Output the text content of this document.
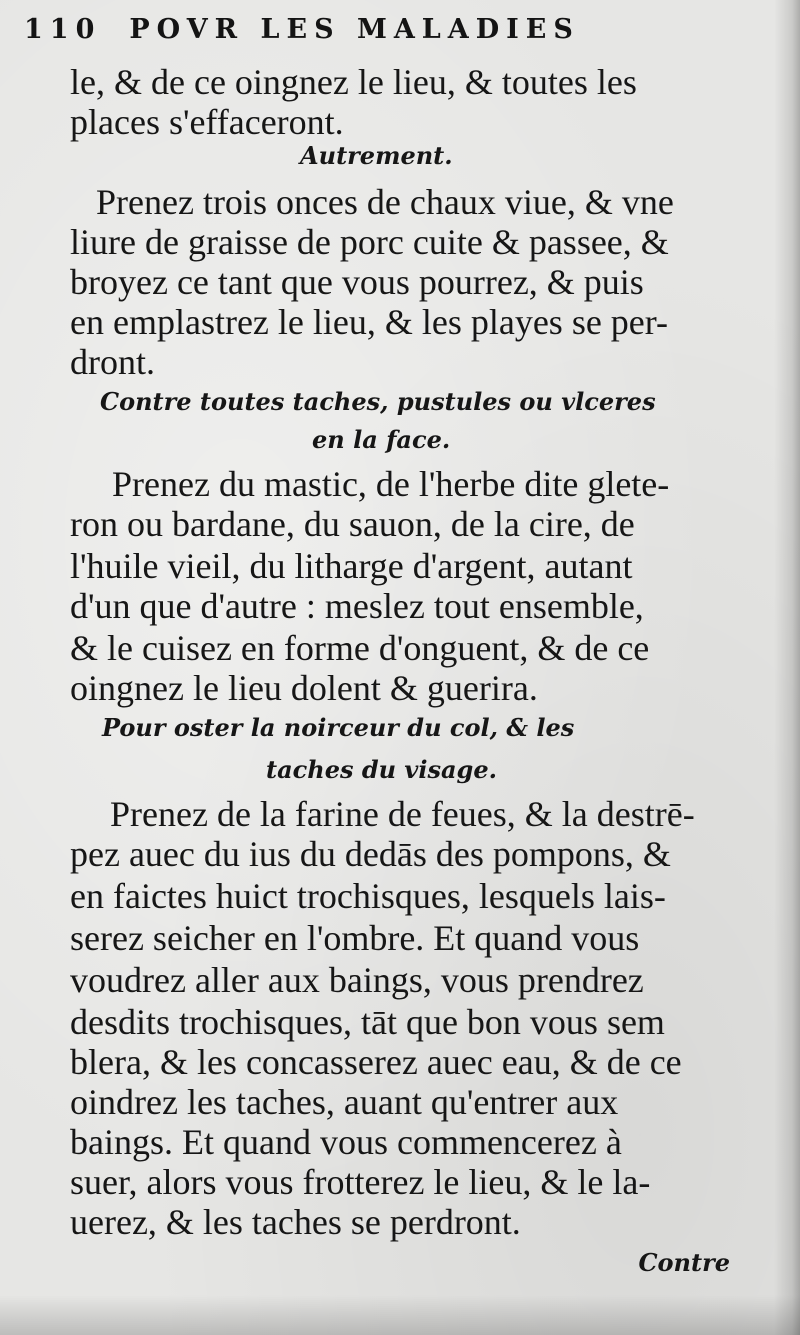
110 POVR LES MALADIES
le, & de ce oingnez le lieu, & toutes les
places s'effaceront.
Autrement.
Prenez trois onces de chaux viue, & vne
liure de graisse de porc cuite & passee, &
broyez ce tant que vous pourrez, & puis
en emplastrez le lieu, & les playes se per-
dront.
Contre toutes taches, pustules ou vlceres
en la face.
Prenez du mastic, de l'herbe dite glete-
ron ou bardane, du sauon, de la cire, de
l'huile vieil, du litharge d'argent, autant
d'un que d'autre : meslez tout ensemble,
& le cuisez en forme d'onguent, & de ce
oingnez le lieu dolent & guerira.
Pour oster la noirceur du col, & les
taches du visage.
Prenez de la farine de feues, & la destrē-
pez auec du ius du dedās des pompons, &
en faictes huict trochisques, lesquels lais-
serez seicher en l'ombre. Et quand vous
voudrez aller aux baings, vous prendrez
desdits trochisques, tāt que bon vous sem
blera, & les concasserez auec eau, & de ce
oindrez les taches, auant qu'entrer aux
baings. Et quand vous commencerez à
suer, alors vous frotterez le lieu, & le la-
uerez, & les taches se perdront.
Contre
